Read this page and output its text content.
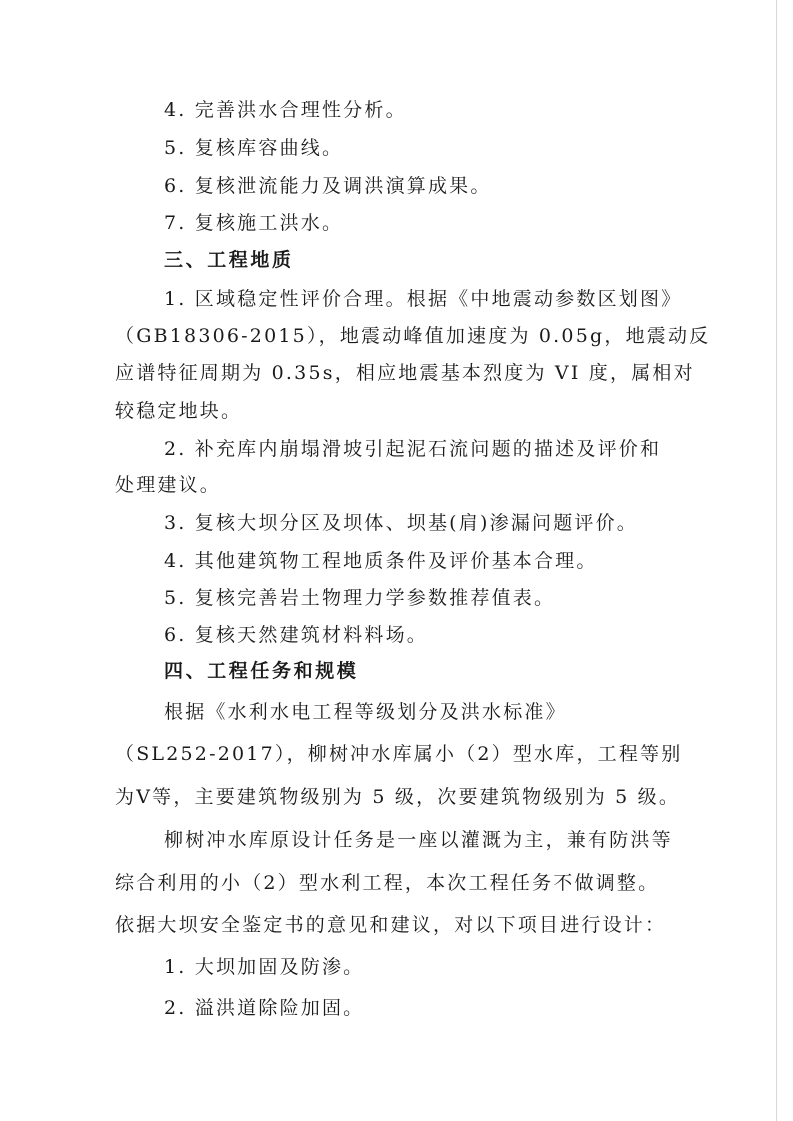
4. 完善洪水合理性分析。
5. 复核库容曲线。
6. 复核泄流能力及调洪演算成果。
7. 复核施工洪水。
三、工程地质
1. 区域稳定性评价合理。根据《中地震动参数区划图》
（GB18306-2015），地震动峰值加速度为 0.05g，地震动反
应谱特征周期为 0.35s，相应地震基本烈度为 VI 度，属相对
较稳定地块。
2. 补充库内崩塌滑坡引起泥石流问题的描述及评价和
处理建议。
3. 复核大坝分区及坝体、坝基(肩)渗漏问题评价。
4. 其他建筑物工程地质条件及评价基本合理。
5. 复核完善岩土物理力学参数推荐值表。
6. 复核天然建筑材料料场。
四、工程任务和规模
根据《水利水电工程等级划分及洪水标准》
（SL252-2017），柳树冲水库属小（2）型水库，工程等别
为Ⅴ等，主要建筑物级别为 5 级，次要建筑物级别为 5 级。
柳树冲水库原设计任务是一座以灌溉为主，兼有防洪等
综合利用的小（2）型水利工程，本次工程任务不做调整。
依据大坝安全鉴定书的意见和建议，对以下项目进行设计：
1. 大坝加固及防渗。
2. 溢洪道除险加固。
